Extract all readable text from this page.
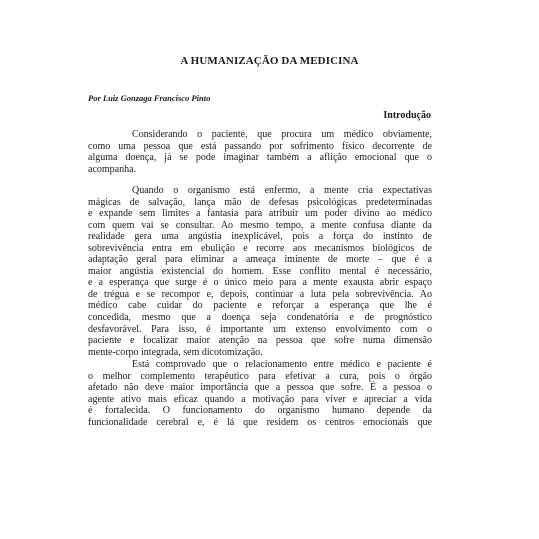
A HUMANIZAÇÃO DA MEDICINA
Por Luiz Gonzaga Francisco Pinto
Introdução
Considerando o paciente, que procura um médico obviamente,
como uma pessoa que está passando por sofrimento físico decorrente de
alguma doença, já se pode imaginar também a aflição emocional que o
acompanha.
Quando o organismo está enfermo, a mente cria expectativas
mágicas de salvação, lança mão de defesas psicológicas predeterminadas
e expande sem limites a fantasia para atribuir um poder divino ao médico
com quem vai se consultar. Ao mesmo tempo, a mente confusa diante da
realidade gera uma angústia inexplicável, pois a força do instinto de
sobrevivência entra em ebulição e recorre aos mecanismos biológicos de
adaptação geral para eliminar a ameaça iminente de morte – que é a
maior angústia existencial do homem. Esse conflito mental é necessário,
e a esperança que surge é o único meio para a mente exausta abrir espaço
de trégua e se recompor e, depois, continuar a luta pela sobrevivência. Ao
médico cabe cuidar do paciente e reforçar a esperança que lhe é
concedida, mesmo que a doença seja condenatória e de prognóstico
desfavorável. Para isso, é importante um extenso envolvimento com o
paciente e focalizar maior atenção na pessoa que sofre numa dimensão
mente-corpo integrada, sem dicotomização.
Está comprovado que o relacionamento entre médico e paciente é
o melhor complemento terapêutico para efetivar a cura, pois o órgão
afetado não deve maior importância que a pessoa que sofre. É a pessoa o
agente ativo mais eficaz quando a motivação para viver e apreciar a vida
é fortalecida. O funcionamento do organismo humano depende da
funcionalidade cerebral e, é lá que residem os centros emocionais que
